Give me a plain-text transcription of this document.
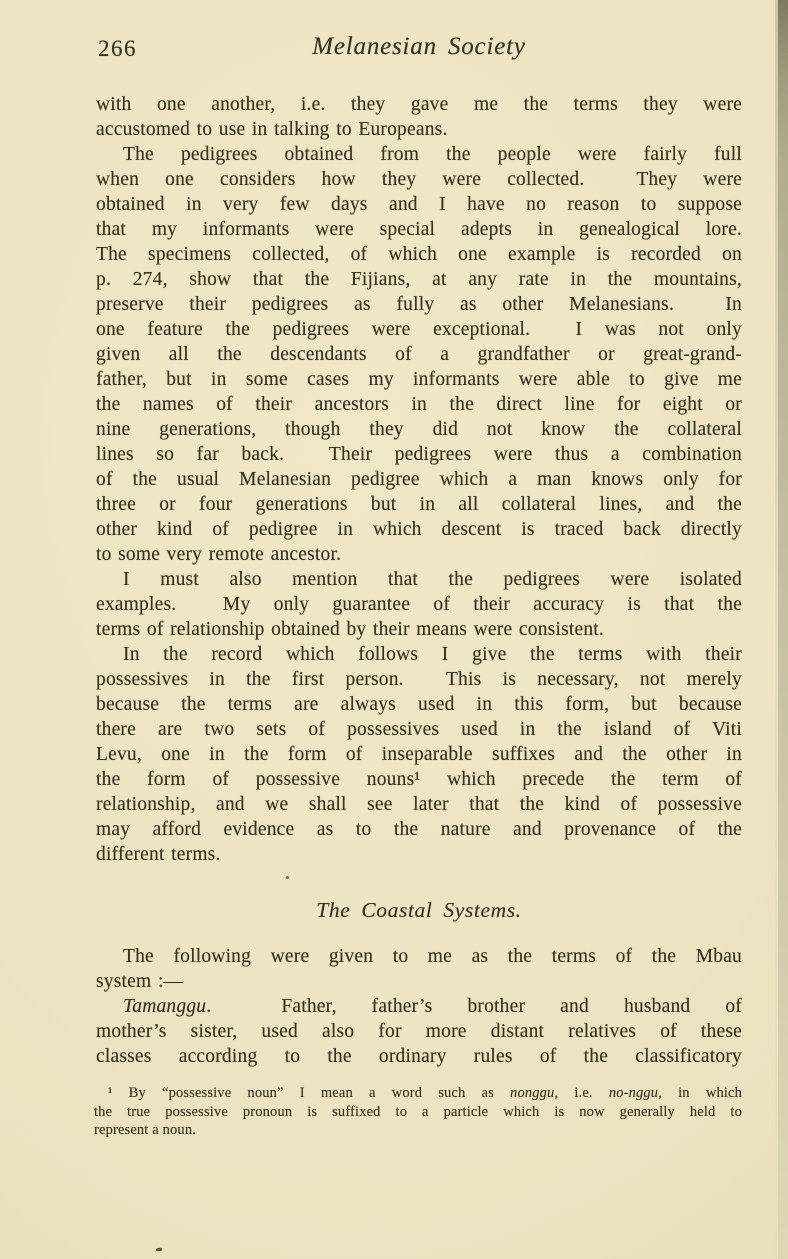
266	Melanesian Society
with one another, i.e. they gave me the terms they were
accustomed to use in talking to Europeans.
The pedigrees obtained from the people were fairly full
when one considers how they were collected.  They were
obtained in very few days and I have no reason to suppose
that my informants were special adepts in genealogical lore.
The specimens collected, of which one example is recorded on
p. 274, show that the Fijians, at any rate in the mountains,
preserve their pedigrees as fully as other Melanesians.  In
one feature the pedigrees were exceptional.  I was not only
given all the descendants of a grandfather or great-grand-
father, but in some cases my informants were able to give me
the names of their ancestors in the direct line for eight or
nine generations, though they did not know the collateral
lines so far back.  Their pedigrees were thus a combination
of the usual Melanesian pedigree which a man knows only for
three or four generations but in all collateral lines, and the
other kind of pedigree in which descent is traced back directly
to some very remote ancestor.
I must also mention that the pedigrees were isolated
examples.  My only guarantee of their accuracy is that the
terms of relationship obtained by their means were consistent.
In the record which follows I give the terms with their
possessives in the first person.  This is necessary, not merely
because the terms are always used in this form, but because
there are two sets of possessives used in the island of Viti
Levu, one in the form of inseparable suffixes and the other in
the form of possessive nouns¹ which precede the term of
relationship, and we shall see later that the kind of possessive
may afford evidence as to the nature and provenance of the
different terms.
The Coastal Systems.
The following were given to me as the terms of the Mbau
system :—
Tamanggu.  Father, father’s brother and husband of
mother’s sister, used also for more distant relatives of these
classes according to the ordinary rules of the classificatory
¹ By “possessive noun” I mean a word such as nonggu, i.e. no-nggu, in which
the true possessive pronoun is suffixed to a particle which is now generally held to
represent a noun.
